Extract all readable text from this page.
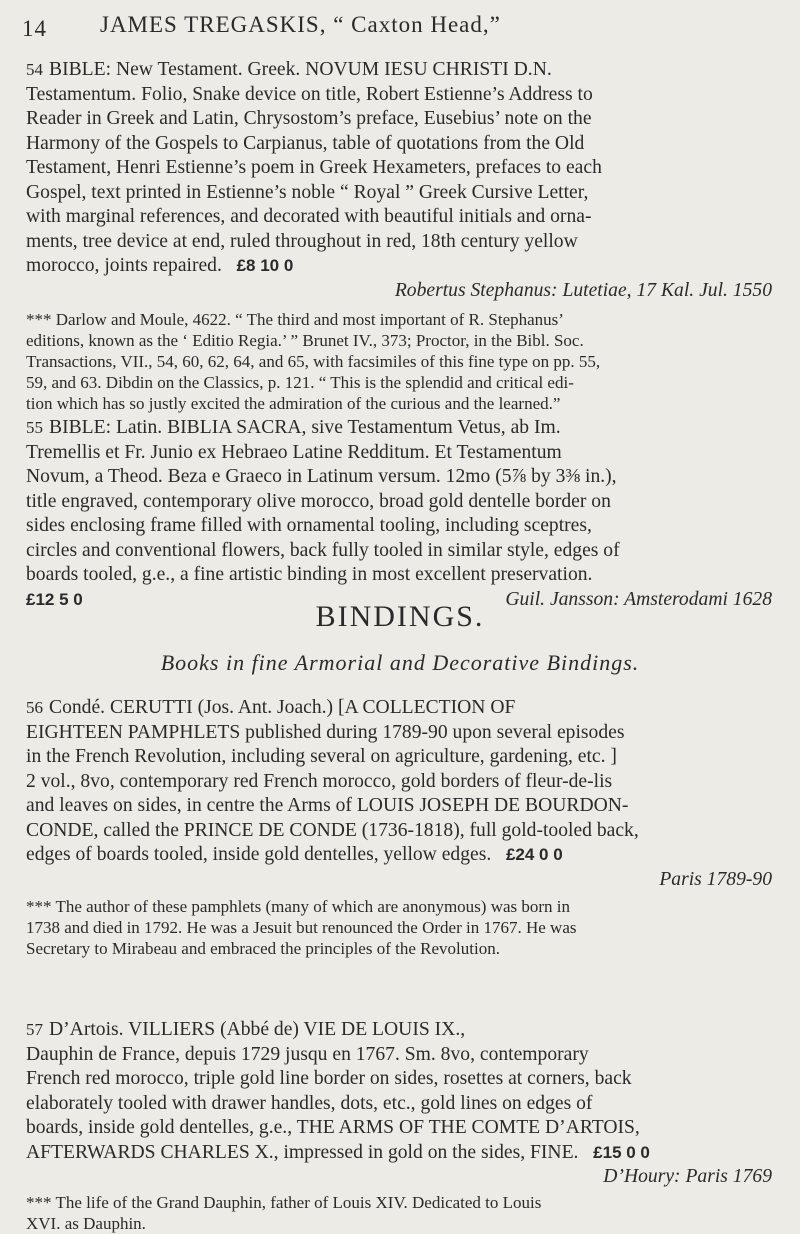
14 JAMES TREGASKIS, “ Caxton Head,”
54 BIBLE: New Testament. Greek. NOVUM IESU CHRISTI D.N.
Testamentum. Folio, Snake device on title, Robert Estienne’s Address to
Reader in Greek and Latin, Chrysostom’s preface, Eusebius’ note on the
Harmony of the Gospels to Carpianus, table of quotations from the Old
Testament, Henri Estienne’s poem in Greek Hexameters, prefaces to each
Gospel, text printed in Estienne’s noble “ Royal ” Greek Cursive Letter,
with marginal references, and decorated with beautiful initials and orna-
ments, tree device at end, ruled throughout in red, 18th century yellow
morocco, joints repaired. £8 10 0
Robertus Stephanus: Lutetiae, 17 Kal. Jul. 1550
*** Darlow and Moule, 4622. “ The third and most important of R. Stephanus’
editions, known as the ‘ Editio Regia.’ ” Brunet IV., 373; Proctor, in the Bibl. Soc.
Transactions, VII., 54, 60, 62, 64, and 65, with facsimiles of this fine type on pp. 55,
59, and 63. Dibdin on the Classics, p. 121. “ This is the splendid and critical edi-
tion which has so justly excited the admiration of the curious and the learned.”
55 BIBLE: Latin. BIBLIA SACRA, sive Testamentum Vetus, ab Im.
Tremellis et Fr. Junio ex Hebraeo Latine Redditum. Et Testamentum
Novum, a Theod. Beza e Graeco in Latinum versum. 12mo (5⅞ by 3⅜ in.),
title engraved, contemporary olive morocco, broad gold dentelle border on
sides enclosing frame filled with ornamental tooling, including sceptres,
circles and conventional flowers, back fully tooled in similar style, edges of
boards tooled, g.e., a fine artistic binding in most excellent preservation.
£12 5 0	Guil. Jansson: Amsterodami 1628
BINDINGS.
Books in fine Armorial and Decorative Bindings.
56 Condé. CERUTTI (Jos. Ant. Joach.) [A COLLECTION OF
EIGHTEEN PAMPHLETS published during 1789-90 upon several episodes
in the French Revolution, including several on agriculture, gardening, etc. ]
2 vol., 8vo, contemporary red French morocco, gold borders of fleur-de-lis
and leaves on sides, in centre the Arms of LOUIS JOSEPH DE BOURDON-
CONDE, called the PRINCE DE CONDE (1736-1818), full gold-tooled back,
edges of boards tooled, inside gold dentelles, yellow edges. £24 0 0
Paris 1789-90
*** The author of these pamphlets (many of which are anonymous) was born in
1738 and died in 1792. He was a Jesuit but renounced the Order in 1767. He was
Secretary to Mirabeau and embraced the principles of the Revolution.
57 D’Artois. VILLIERS (Abbé de) VIE DE LOUIS IX.,
Dauphin de France, depuis 1729 jusqu en 1767. Sm. 8vo, contemporary
French red morocco, triple gold line border on sides, rosettes at corners, back
elaborately tooled with drawer handles, dots, etc., gold lines on edges of
boards, inside gold dentelles, g.e., THE ARMS OF THE COMTE D’ARTOIS,
AFTERWARDS CHARLES X., impressed in gold on the sides, FINE. £15 0 0
D’Houry: Paris 1769
*** The life of the Grand Dauphin, father of Louis XIV. Dedicated to Louis
XVI. as Dauphin.
